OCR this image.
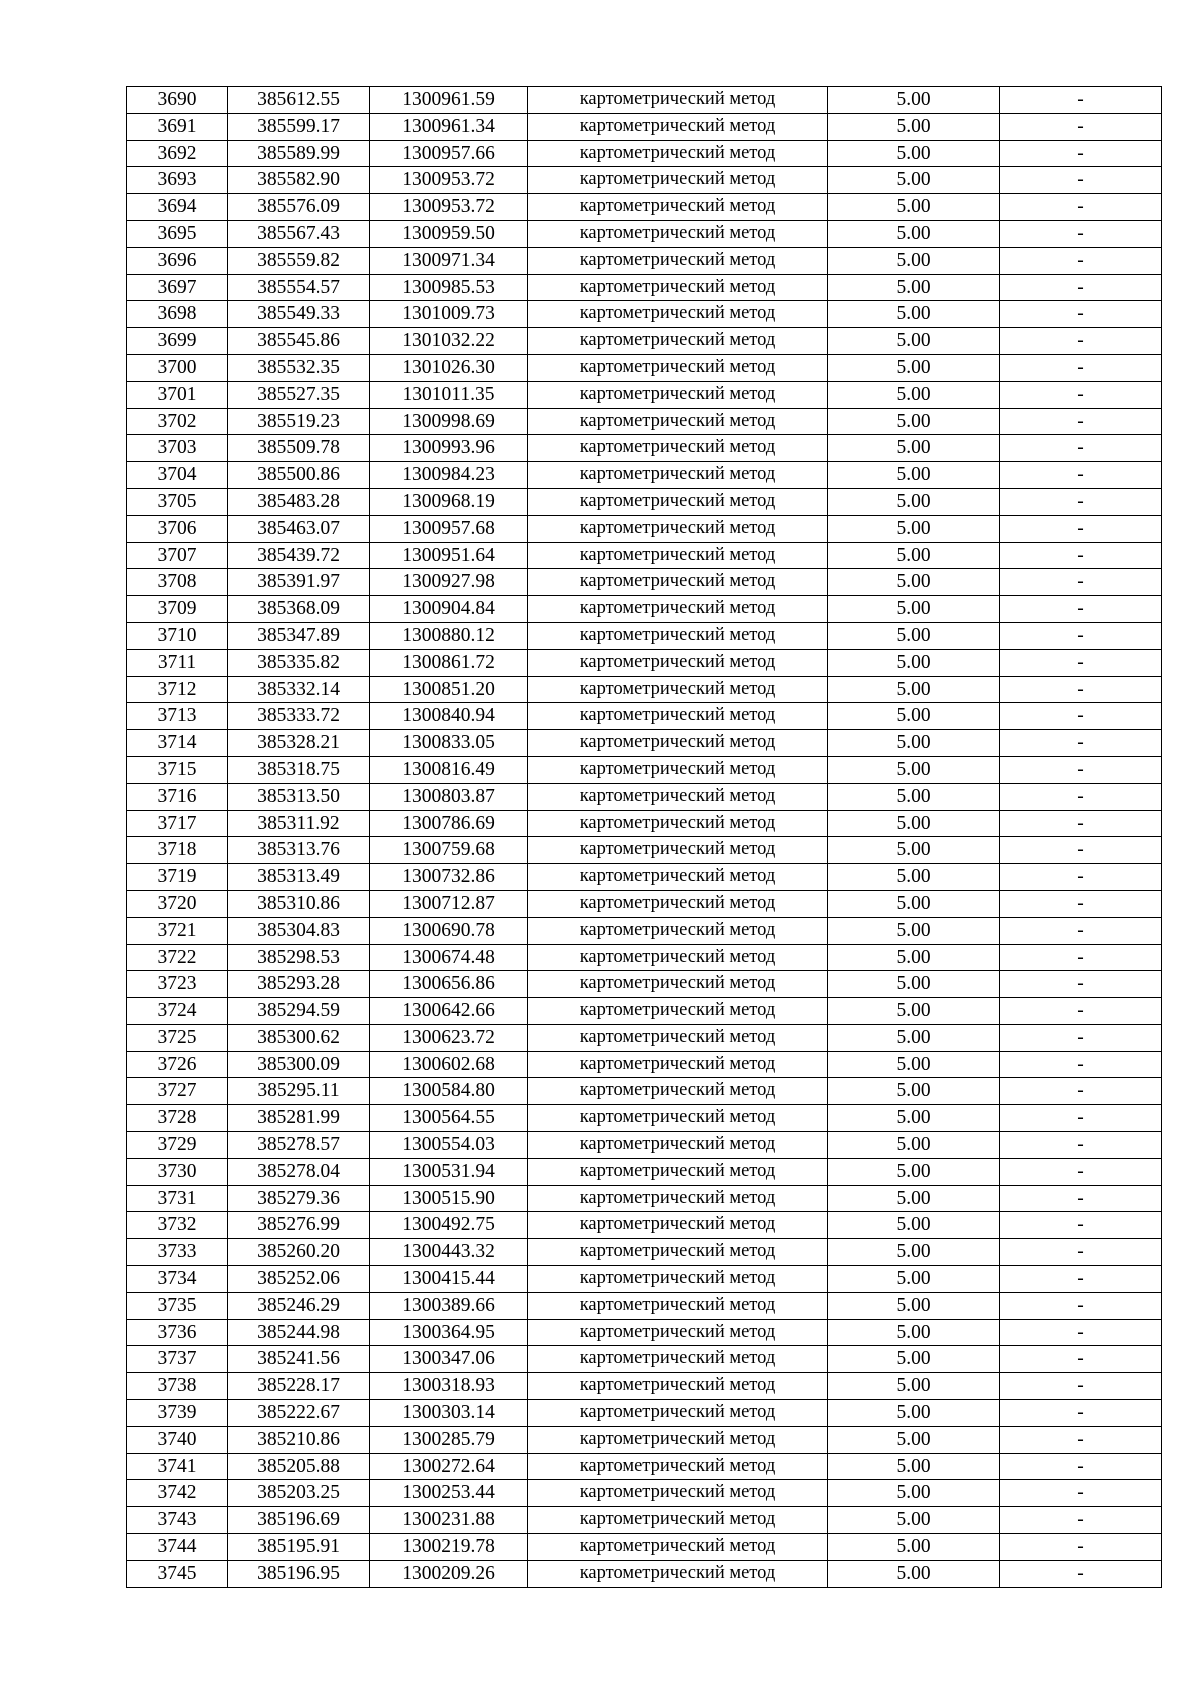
3690	385612.55	1300961.59	картометрический метод	5.00	-
3691	385599.17	1300961.34	картометрический метод	5.00	-
3692	385589.99	1300957.66	картометрический метод	5.00	-
3693	385582.90	1300953.72	картометрический метод	5.00	-
3694	385576.09	1300953.72	картометрический метод	5.00	-
3695	385567.43	1300959.50	картометрический метод	5.00	-
3696	385559.82	1300971.34	картометрический метод	5.00	-
3697	385554.57	1300985.53	картометрический метод	5.00	-
3698	385549.33	1301009.73	картометрический метод	5.00	-
3699	385545.86	1301032.22	картометрический метод	5.00	-
3700	385532.35	1301026.30	картометрический метод	5.00	-
3701	385527.35	1301011.35	картометрический метод	5.00	-
3702	385519.23	1300998.69	картометрический метод	5.00	-
3703	385509.78	1300993.96	картометрический метод	5.00	-
3704	385500.86	1300984.23	картометрический метод	5.00	-
3705	385483.28	1300968.19	картометрический метод	5.00	-
3706	385463.07	1300957.68	картометрический метод	5.00	-
3707	385439.72	1300951.64	картометрический метод	5.00	-
3708	385391.97	1300927.98	картометрический метод	5.00	-
3709	385368.09	1300904.84	картометрический метод	5.00	-
3710	385347.89	1300880.12	картометрический метод	5.00	-
3711	385335.82	1300861.72	картометрический метод	5.00	-
3712	385332.14	1300851.20	картометрический метод	5.00	-
3713	385333.72	1300840.94	картометрический метод	5.00	-
3714	385328.21	1300833.05	картометрический метод	5.00	-
3715	385318.75	1300816.49	картометрический метод	5.00	-
3716	385313.50	1300803.87	картометрический метод	5.00	-
3717	385311.92	1300786.69	картометрический метод	5.00	-
3718	385313.76	1300759.68	картометрический метод	5.00	-
3719	385313.49	1300732.86	картометрический метод	5.00	-
3720	385310.86	1300712.87	картометрический метод	5.00	-
3721	385304.83	1300690.78	картометрический метод	5.00	-
3722	385298.53	1300674.48	картометрический метод	5.00	-
3723	385293.28	1300656.86	картометрический метод	5.00	-
3724	385294.59	1300642.66	картометрический метод	5.00	-
3725	385300.62	1300623.72	картометрический метод	5.00	-
3726	385300.09	1300602.68	картометрический метод	5.00	-
3727	385295.11	1300584.80	картометрический метод	5.00	-
3728	385281.99	1300564.55	картометрический метод	5.00	-
3729	385278.57	1300554.03	картометрический метод	5.00	-
3730	385278.04	1300531.94	картометрический метод	5.00	-
3731	385279.36	1300515.90	картометрический метод	5.00	-
3732	385276.99	1300492.75	картометрический метод	5.00	-
3733	385260.20	1300443.32	картометрический метод	5.00	-
3734	385252.06	1300415.44	картометрический метод	5.00	-
3735	385246.29	1300389.66	картометрический метод	5.00	-
3736	385244.98	1300364.95	картометрический метод	5.00	-
3737	385241.56	1300347.06	картометрический метод	5.00	-
3738	385228.17	1300318.93	картометрический метод	5.00	-
3739	385222.67	1300303.14	картометрический метод	5.00	-
3740	385210.86	1300285.79	картометрический метод	5.00	-
3741	385205.88	1300272.64	картометрический метод	5.00	-
3742	385203.25	1300253.44	картометрический метод	5.00	-
3743	385196.69	1300231.88	картометрический метод	5.00	-
3744	385195.91	1300219.78	картометрический метод	5.00	-
3745	385196.95	1300209.26	картометрический метод	5.00	-
